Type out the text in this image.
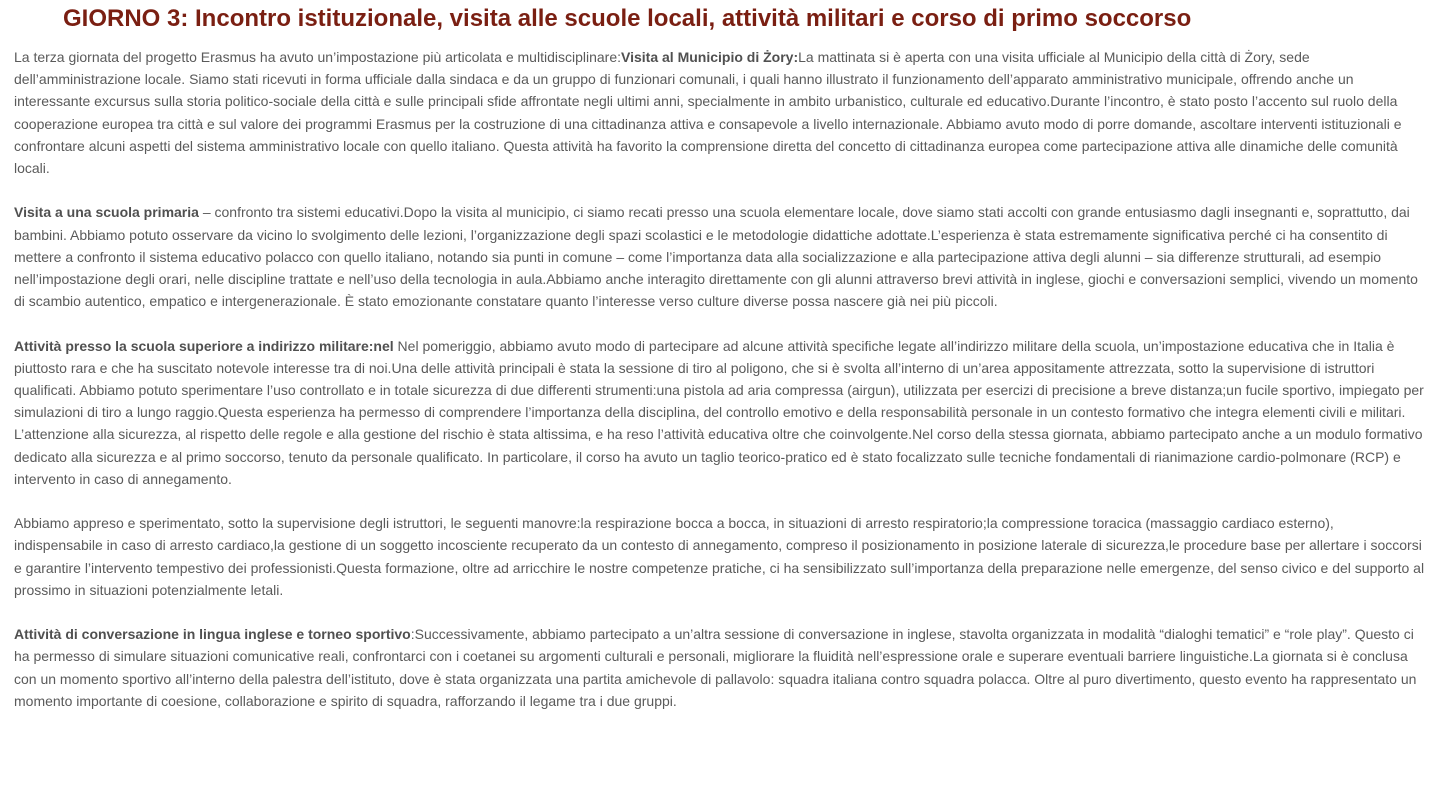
GIORNO 3: Incontro istituzionale, visita alle scuole locali, attività militari e corso di primo soccorso

La terza giornata del progetto Erasmus ha avuto un’impostazione più articolata e multidisciplinare:Visita al Municipio di Żory:La mattinata si è aperta con una visita ufficiale al Municipio della città di Żory, sede dell’amministrazione locale. Siamo stati ricevuti in forma ufficiale dalla sindaca e da un gruppo di funzionari comunali, i quali hanno illustrato il funzionamento dell’apparato amministrativo municipale, offrendo anche un interessante excursus sulla storia politico-sociale della città e sulle principali sfide affrontate negli ultimi anni, specialmente in ambito urbanistico, culturale ed educativo.Durante l’incontro, è stato posto l’accento sul ruolo della cooperazione europea tra città e sul valore dei programmi Erasmus per la costruzione di una cittadinanza attiva e consapevole a livello internazionale. Abbiamo avuto modo di porre domande, ascoltare interventi istituzionali e confrontare alcuni aspetti del sistema amministrativo locale con quello italiano. Questa attività ha favorito la comprensione diretta del concetto di cittadinanza europea come partecipazione attiva alle dinamiche delle comunità locali.

Visita a una scuola primaria – confronto tra sistemi educativi.Dopo la visita al municipio, ci siamo recati presso una scuola elementare locale, dove siamo stati accolti con grande entusiasmo dagli insegnanti e, soprattutto, dai bambini. Abbiamo potuto osservare da vicino lo svolgimento delle lezioni, l’organizzazione degli spazi scolastici e le metodologie didattiche adottate.L’esperienza è stata estremamente significativa perché ci ha consentito di mettere a confronto il sistema educativo polacco con quello italiano, notando sia punti in comune – come l’importanza data alla socializzazione e alla partecipazione attiva degli alunni – sia differenze strutturali, ad esempio nell’impostazione degli orari, nelle discipline trattate e nell’uso della tecnologia in aula.Abbiamo anche interagito direttamente con gli alunni attraverso brevi attività in inglese, giochi e conversazioni semplici, vivendo un momento di scambio autentico, empatico e intergenerazionale. È stato emozionante constatare quanto l’interesse verso culture diverse possa nascere già nei più piccoli.

Attività presso la scuola superiore a indirizzo militare:nel Nel pomeriggio, abbiamo avuto modo di partecipare ad alcune attività specifiche legate all’indirizzo militare della scuola, un’impostazione educativa che in Italia è piuttosto rara e che ha suscitato notevole interesse tra di noi.Una delle attività principali è stata la sessione di tiro al poligono, che si è svolta all’interno di un’area appositamente attrezzata, sotto la supervisione di istruttori qualificati. Abbiamo potuto sperimentare l’uso controllato e in totale sicurezza di due differenti strumenti:una pistola ad aria compressa (airgun), utilizzata per esercizi di precisione a breve distanza;un fucile sportivo, impiegato per simulazioni di tiro a lungo raggio.Questa esperienza ha permesso di comprendere l’importanza della disciplina, del controllo emotivo e della responsabilità personale in un contesto formativo che integra elementi civili e militari. L’attenzione alla sicurezza, al rispetto delle regole e alla gestione del rischio è stata altissima, e ha reso l’attività educativa oltre che coinvolgente.Nel corso della stessa giornata, abbiamo partecipato anche a un modulo formativo dedicato alla sicurezza e al primo soccorso, tenuto da personale qualificato. In particolare, il corso ha avuto un taglio teorico-pratico ed è stato focalizzato sulle tecniche fondamentali di rianimazione cardio-polmonare (RCP) e intervento in caso di annegamento.

Abbiamo appreso e sperimentato, sotto la supervisione degli istruttori, le seguenti manovre:la respirazione bocca a bocca, in situazioni di arresto respiratorio;la compressione toracica (massaggio cardiaco esterno), indispensabile in caso di arresto cardiaco,la gestione di un soggetto incosciente recuperato da un contesto di annegamento, compreso il posizionamento in posizione laterale di sicurezza,le procedure base per allertare i soccorsi e garantire l’intervento tempestivo dei professionisti.Questa formazione, oltre ad arricchire le nostre competenze pratiche, ci ha sensibilizzato sull’importanza della preparazione nelle emergenze, del senso civico e del supporto al prossimo in situazioni potenzialmente letali.

Attività di conversazione in lingua inglese e torneo sportivo:Successivamente, abbiamo partecipato a un’altra sessione di conversazione in inglese, stavolta organizzata in modalità “dialoghi tematici” e “role play”. Questo ci ha permesso di simulare situazioni comunicative reali, confrontarci con i coetanei su argomenti culturali e personali, migliorare la fluidità nell’espressione orale e superare eventuali barriere linguistiche.La giornata si è conclusa con un momento sportivo all’interno della palestra dell’istituto, dove è stata organizzata una partita amichevole di pallavolo: squadra italiana contro squadra polacca. Oltre al puro divertimento, questo evento ha rappresentato un momento importante di coesione, collaborazione e spirito di squadra, rafforzando il legame tra i due gruppi.
